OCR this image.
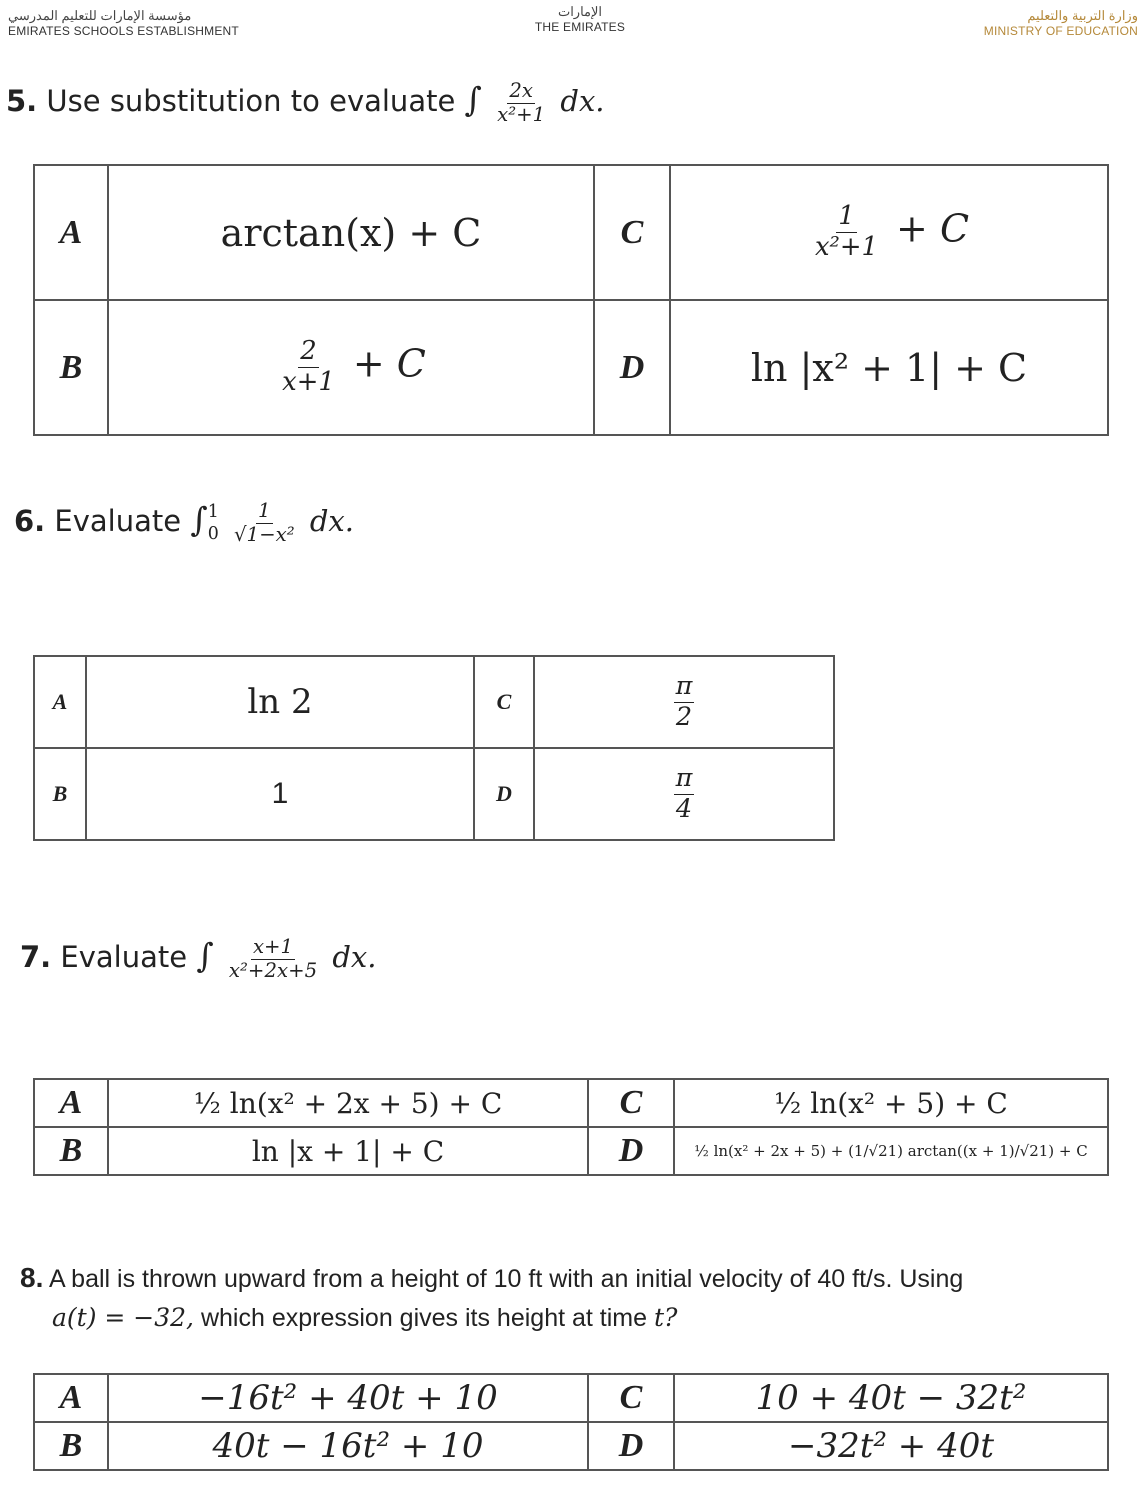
مؤسسة الإمارات للتعليم المدرسي
EMIRATES SCHOOLS ESTABLISHMENT
الإمارات
THE EMIRATES
وزارة التربية والتعليم
MINISTRY OF EDUCATION
5. Use substitution to evaluate ∫ $\frac{2x}{\text{x²+1}}$ dx.
A	arctan(x) + C	C	$\frac{1}{\text{x²+1}} + C$
B	$\frac{2}{x+1} + C$	D	ln |x² + 1| + C
6. Evaluate ∫ 1
0
$\frac{1}{\text{√1−x²}}$ dx.
A	ln 2	C	$\frac{\pi}{2}$

B	1	D	$\frac{\pi}{4}$
7. Evaluate ∫ $\frac{x+1}{\text{x²+2x+5}}$ dx.
A	½ ln(x² + 2x + 5) + C	C	½ ln(x² + 5) + C
B	ln |x + 1| + C	D	½ ln(x² + 2x + 5) + (1/√21) arctan((x + 1)/√21) + C
8. A ball is thrown upward from a height of 10 ft with an initial velocity of 40 ft/s. Using
a(t) = −32, which expression gives its height at time t?
A	−16t² + 40t + 10	C	10 + 40t − 32t²
B	40t − 16t² + 10	D	−32t² + 40t
